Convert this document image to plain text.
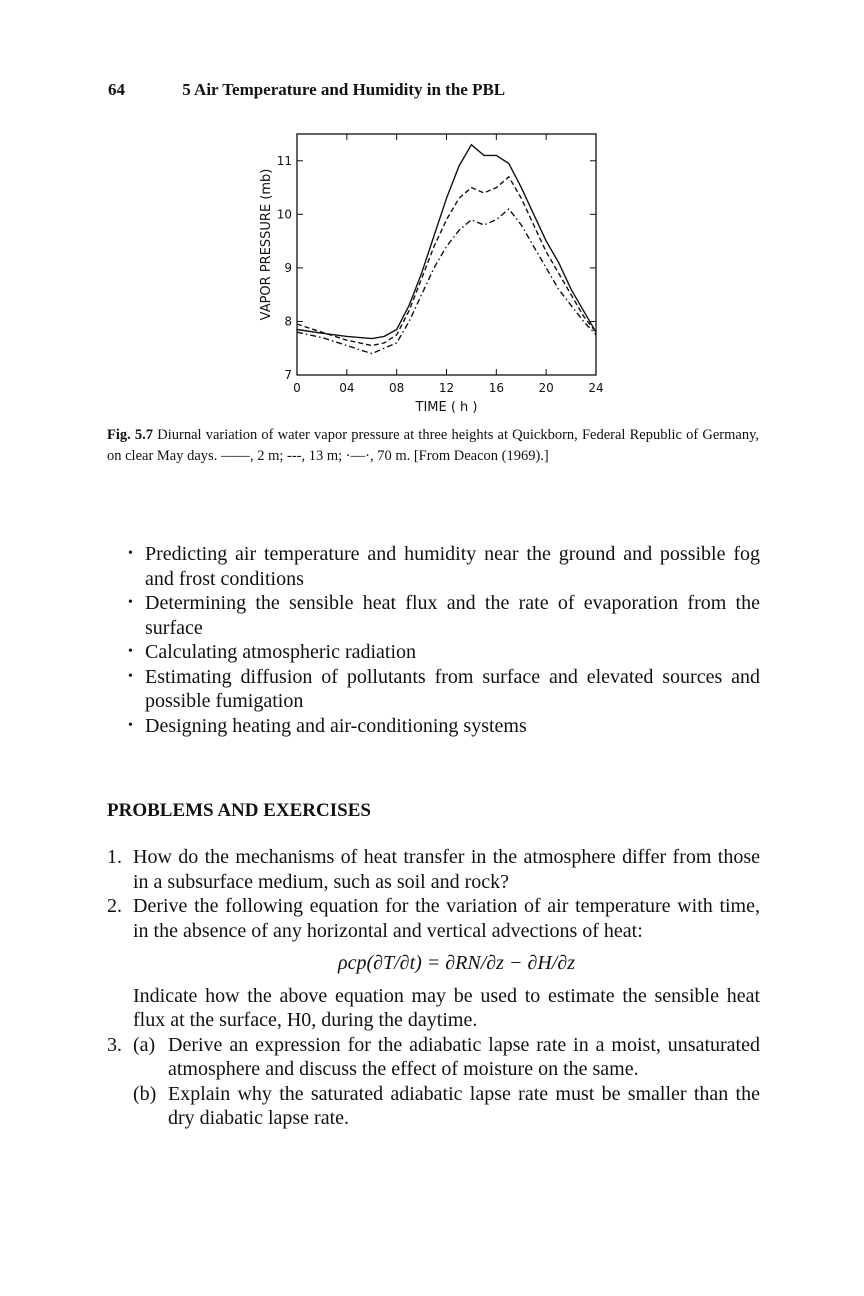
64	5 Air Temperature and Humidity in the PBL
0	04	08	12	16	20	24
7
8
9
10
11
TIME ( h )
VAPOR PRESSURE (mb)
Fig. 5.7 Diurnal variation of water vapor pressure at three heights at Quickborn, Federal Republic of Germany, on clear May days. ——, 2 m; ---, 13 m; ·—·, 70 m. [From Deacon (1969).]
• Predicting air temperature and humidity near the ground and possible fog and frost conditions
• Determining the sensible heat flux and the rate of evaporation from the surface
• Calculating atmospheric radiation
• Estimating diffusion of pollutants from surface and elevated sources and possible fumigation
• Designing heating and air-conditioning systems
PROBLEMS AND EXERCISES
1. How do the mechanisms of heat transfer in the atmosphere differ from those in a subsurface medium, such as soil and rock?

2. Derive the following equation for the variation of air temperature with time, in the absence of any horizontal and vertical advections of heat:

ρcp(∂T/∂t) = ∂RN/∂z − ∂H/∂z

Indicate how the above equation may be used to estimate the sensible heat flux at the surface, H0, during the daytime.

3. (a) Derive an expression for the adiabatic lapse rate in a moist, unsaturated atmosphere and discuss the effect of moisture on the same.

(b) Explain why the saturated adiabatic lapse rate must be smaller than the dry diabatic lapse rate.
